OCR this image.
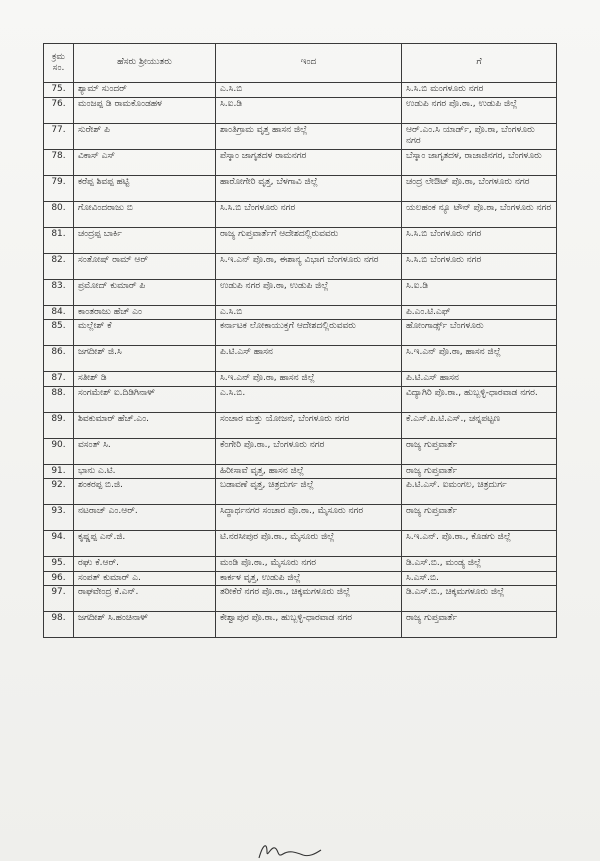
ಕ್ರಮ ಸಂ.	ಹೆಸರು ಶ್ರೀಯುತರು	ಇಂದ	ಗೆ
75.	ಶ್ಯಾಮ್ ಸುಂದರ್	ಎ.ಸಿ.ಬಿ	ಸಿ.ಸಿ.ಬಿ ಮಂಗಳೂರು ನಗರ
76.	ಮಂಜಪ್ಪ ಡಿ ರಾಮಕೊಂಡಹಳ	ಸಿ.ಐ.ಡಿ	ಉಡುಪಿ ನಗರ ಪೊ.ಠಾ., ಉಡುಪಿ ಜಿಲ್ಲೆ
77.	ಸುರೇಶ್ ಪಿ	ಶಾಂತಿಗ್ರಾಮ ವೃತ್ತ ಹಾಸನ ಜಿಲ್ಲೆ	ಆರ್.ಎಂ.ಸಿ ಯಾರ್ಡ್, ಪೊ.ಠಾ, ಬೆಂಗಳೂರು ನಗರ
78.	ವಿಕಾಸ್ ಎಸ್	ಪೆಸ್ಕಾಂ ಜಾಗೃತದಳ ರಾಮನಗರ	ಬೆಸ್ಕಾಂ ಜಾಗೃತದಳ, ರಾಜಾಜಿನಗರ, ಬೆಂಗಳೂರು
79.	ಕರೆಪ್ಪ ಶಿವಪ್ಪ ಹಟ್ಟಿ	ಹಾರೋಗೇರಿ ವೃತ್ತ, ಬೆಳಗಾವಿ ಜಿಲ್ಲೆ	ಚಂದ್ರ ಲೇಔಟ್ ಪೊ.ಠಾ, ಬೆಂಗಳೂರು ನಗರ
80.	ಗೋವಿಂದರಾಜು ಬಿ	ಸಿ.ಸಿ.ಬಿ ಬೆಂಗಳೂರು ನಗರ	ಯಲಹಂಕ ನ್ಯೂ ಟೌನ್ ಪೊ.ಠಾ, ಬೆಂಗಳೂರು ನಗರ
81.	ಚಂದ್ರಪ್ಪ ಬಾರ್ಕಿ	ರಾಜ್ಯ ಗುಪ್ತವಾರ್ತೆಗೆ ಆದೇಶದಲ್ಲಿರುವವರು	ಸಿ.ಸಿ.ಬಿ ಬೆಂಗಳೂರು ನಗರ
82.	ಸಂತೋಷ್ ರಾಮ್ ಆರ್	ಸಿ.ಇ.ಎನ್ ಪೊ.ಠಾ, ಈಶಾನ್ಯ ವಿಭಾಗ ಬೆಂಗಳೂರು ನಗರ	ಸಿ.ಸಿ.ಬಿ ಬೆಂಗಳೂರು ನಗರ
83.	ಪ್ರಮೋದ್ ಕುಮಾರ್ ಪಿ	ಉಡುಪಿ ನಗರ ಪೊ.ಠಾ, ಉಡುಪಿ ಜಿಲ್ಲೆ	ಸಿ.ಐ.ಡಿ
84.	ಕಾಂತರಾಜು ಹೆಚ್ ಎಂ	ಎ.ಸಿ.ಬಿ	ಪಿ.ಎಂ.ಟಿ.ಎಫ್
85.	ಮಲ್ಲೇಶ್ ಕೆ	ಕರ್ನಾಟಕ ಲೋಕಾಯುಕ್ತಗೆ ಆದೇಶದಲ್ಲಿರುವವರು	ಹೋಂಗಾರ್ಡ್ಸ್ ಬೆಂಗಳೂರು
86.	ಜಗದೀಶ್ ಜಿ.ಸಿ	ಪಿ.ಟಿ.ಎಸ್ ಹಾಸನ	ಸಿ.ಇ.ಎನ್ ಪೊ.ಠಾ, ಹಾಸನ ಜಿಲ್ಲೆ
87.	ಸತೀಶ್ ಡಿ	ಸಿ.ಇ.ಎನ್ ಪೊ.ಠಾ, ಹಾಸನ ಜಿಲ್ಲೆ	ಪಿ.ಟಿ.ಎಸ್ ಹಾಸನ
88.	ಸಂಗಮೇಶ್ ಐ.ದಿಡಿಗಿನಾಳ್	ಎ.ಸಿ.ಬಿ.	ವಿದ್ಯಾಗಿರಿ ಪೊ.ಠಾ., ಹುಬ್ಬಳ್ಳಿ-ಧಾರವಾಡ ನಗರ.
89.	ಶಿವಕುಮಾರ್ ಹೆಚ್.ಎಂ.	ಸಂಚಾರ ಮತ್ತು ಯೋಜನೆ, ಬೆಂಗಳೂರು ನಗರ	ಕೆ.ಎಸ್.ಪಿ.ಟಿ.ಎಸ್., ಚನ್ನಪಟ್ಟಣ
90.	ವಸಂತ್ ಸಿ.	ಕೆಂಗೇರಿ ಪೊ.ಠಾ., ಬೆಂಗಳೂರು ನಗರ	ರಾಜ್ಯ ಗುಪ್ತವಾರ್ತೆ
91.	ಭಾನು ಎ.ಟಿ.	ಹಿರೀಸಾವೆ ವೃತ್ತ, ಹಾಸನ ಜಿಲ್ಲೆ	ರಾಜ್ಯ ಗುಪ್ತವಾರ್ತೆ
92.	ಶಂಕರಪ್ಪ ಬಿ.ಜಿ.	ಬಡಾವಣೆ ವೃತ್ತ, ಚಿತ್ರದುರ್ಗ ಜಿಲ್ಲೆ	ಪಿ.ಟಿ.ಎಸ್. ಐಮಂಗಲ, ಚಿತ್ರದುರ್ಗ
93.	ನಟರಾಜ್ ಎಂ.ಆರ್.	ಸಿದ್ಧಾರ್ಥನಗರ ಸಂಚಾರ ಪೊ.ಠಾ., ಮೈಸೂರು ನಗರ	ರಾಜ್ಯ ಗುಪ್ತವಾರ್ತೆ
94.	ಕೃಷ್ಣಪ್ಪ ಎನ್.ಜಿ.	ಟಿ.ನರಸೀಪುರ ಪೊ.ಠಾ., ಮೈಸೂರು ಜಿಲ್ಲೆ	ಸಿ.ಇ.ಎನ್. ಪೊ.ಠಾ., ಕೊಡಗು ಜಿಲ್ಲೆ
95.	ರಘು ಕೆ.ಆರ್.	ಮಂಡಿ ಪೊ.ಠಾ., ಮೈಸೂರು ನಗರ	ಡಿ.ಎಸ್.ಬಿ., ಮಂಡ್ಯ ಜಿಲ್ಲೆ
96.	ಸಂಪತ್ ಕುಮಾರ್ ಎ.	ಕಾರ್ಕಳ ವೃತ್ತ, ಉಡುಪಿ ಜಿಲ್ಲೆ	ಸಿ.ಎಸ್.ಬಿ.
97.	ರಾಘವೇಂದ್ರ ಕೆ.ಎನ್.	ತರೀಕೆರೆ ನಗರ ಪೊ.ಠಾ., ಚಿಕ್ಕಮಗಳೂರು ಜಿಲ್ಲೆ	ಡಿ.ಎಸ್.ಬಿ., ಚಿಕ್ಕಮಗಳೂರು ಜಿಲ್ಲೆ
98.	ಜಗದೀಶ್ ಸಿ.ಹಂಚಿನಾಳ್	ಕೇಶ್ವಾಪುರ ಪೊ.ಠಾ., ಹುಬ್ಬಳ್ಳಿ-ಧಾರವಾಡ ನಗರ	ರಾಜ್ಯ ಗುಪ್ತವಾರ್ತೆ
